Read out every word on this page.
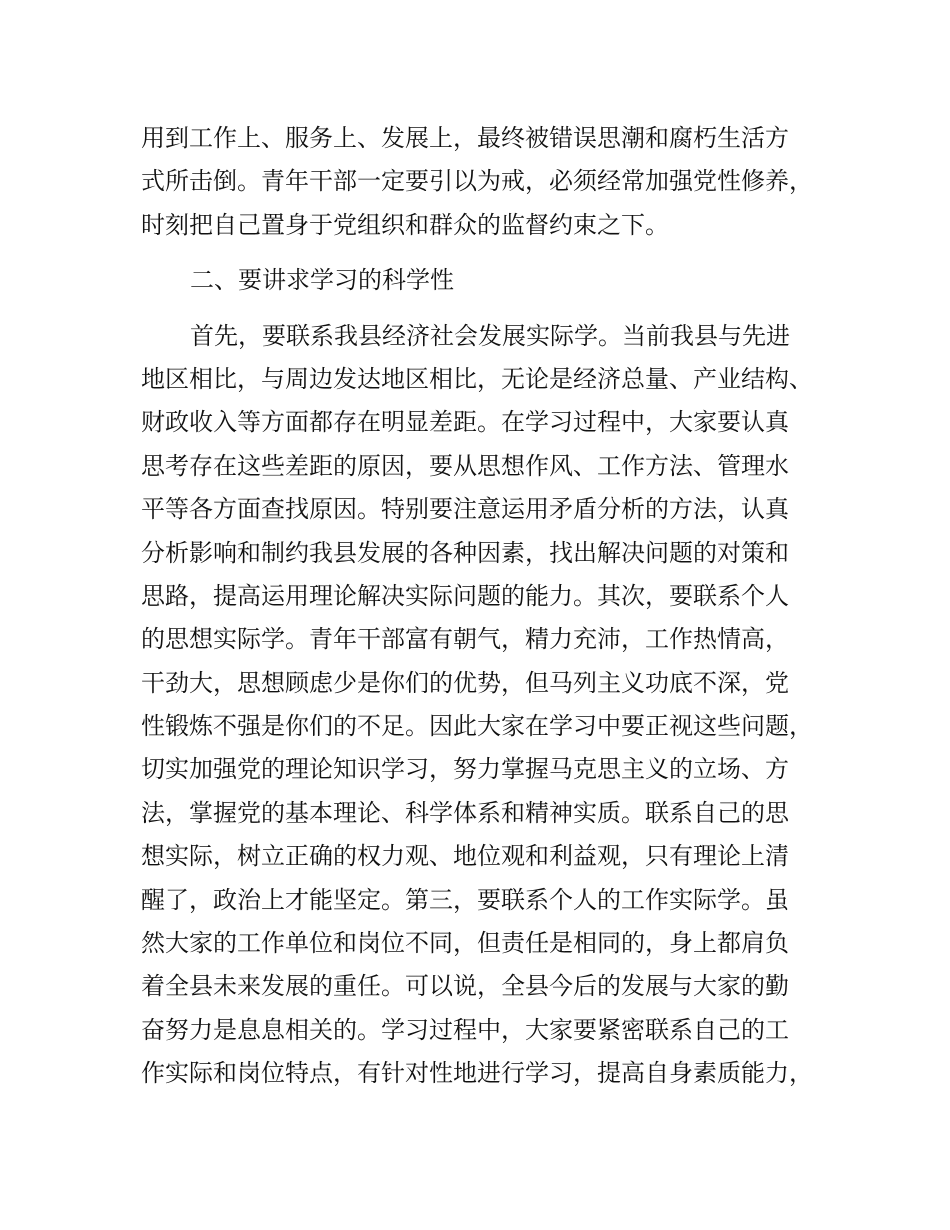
用到工作上、服务上、发展上，最终被错误思潮和腐朽生活方
式所击倒。青年干部一定要引以为戒，必须经常加强党性修养，
时刻把自己置身于党组织和群众的监督约束之下。
二、要讲求学习的科学性
首先，要联系我县经济社会发展实际学。当前我县与先进
地区相比，与周边发达地区相比，无论是经济总量、产业结构、
财政收入等方面都存在明显差距。在学习过程中，大家要认真
思考存在这些差距的原因，要从思想作风、工作方法、管理水
平等各方面查找原因。特别要注意运用矛盾分析的方法，认真
分析影响和制约我县发展的各种因素，找出解决问题的对策和
思路，提高运用理论解决实际问题的能力。其次，要联系个人
的思想实际学。青年干部富有朝气，精力充沛，工作热情高，
干劲大，思想顾虑少是你们的优势，但马列主义功底不深，党
性锻炼不强是你们的不足。因此大家在学习中要正视这些问题，
切实加强党的理论知识学习，努力掌握马克思主义的立场、方
法，掌握党的基本理论、科学体系和精神实质。联系自己的思
想实际，树立正确的权力观、地位观和利益观，只有理论上清
醒了，政治上才能坚定。第三，要联系个人的工作实际学。虽
然大家的工作单位和岗位不同，但责任是相同的，身上都肩负
着全县未来发展的重任。可以说，全县今后的发展与大家的勤
奋努力是息息相关的。学习过程中，大家要紧密联系自己的工
作实际和岗位特点，有针对性地进行学习，提高自身素质能力，
